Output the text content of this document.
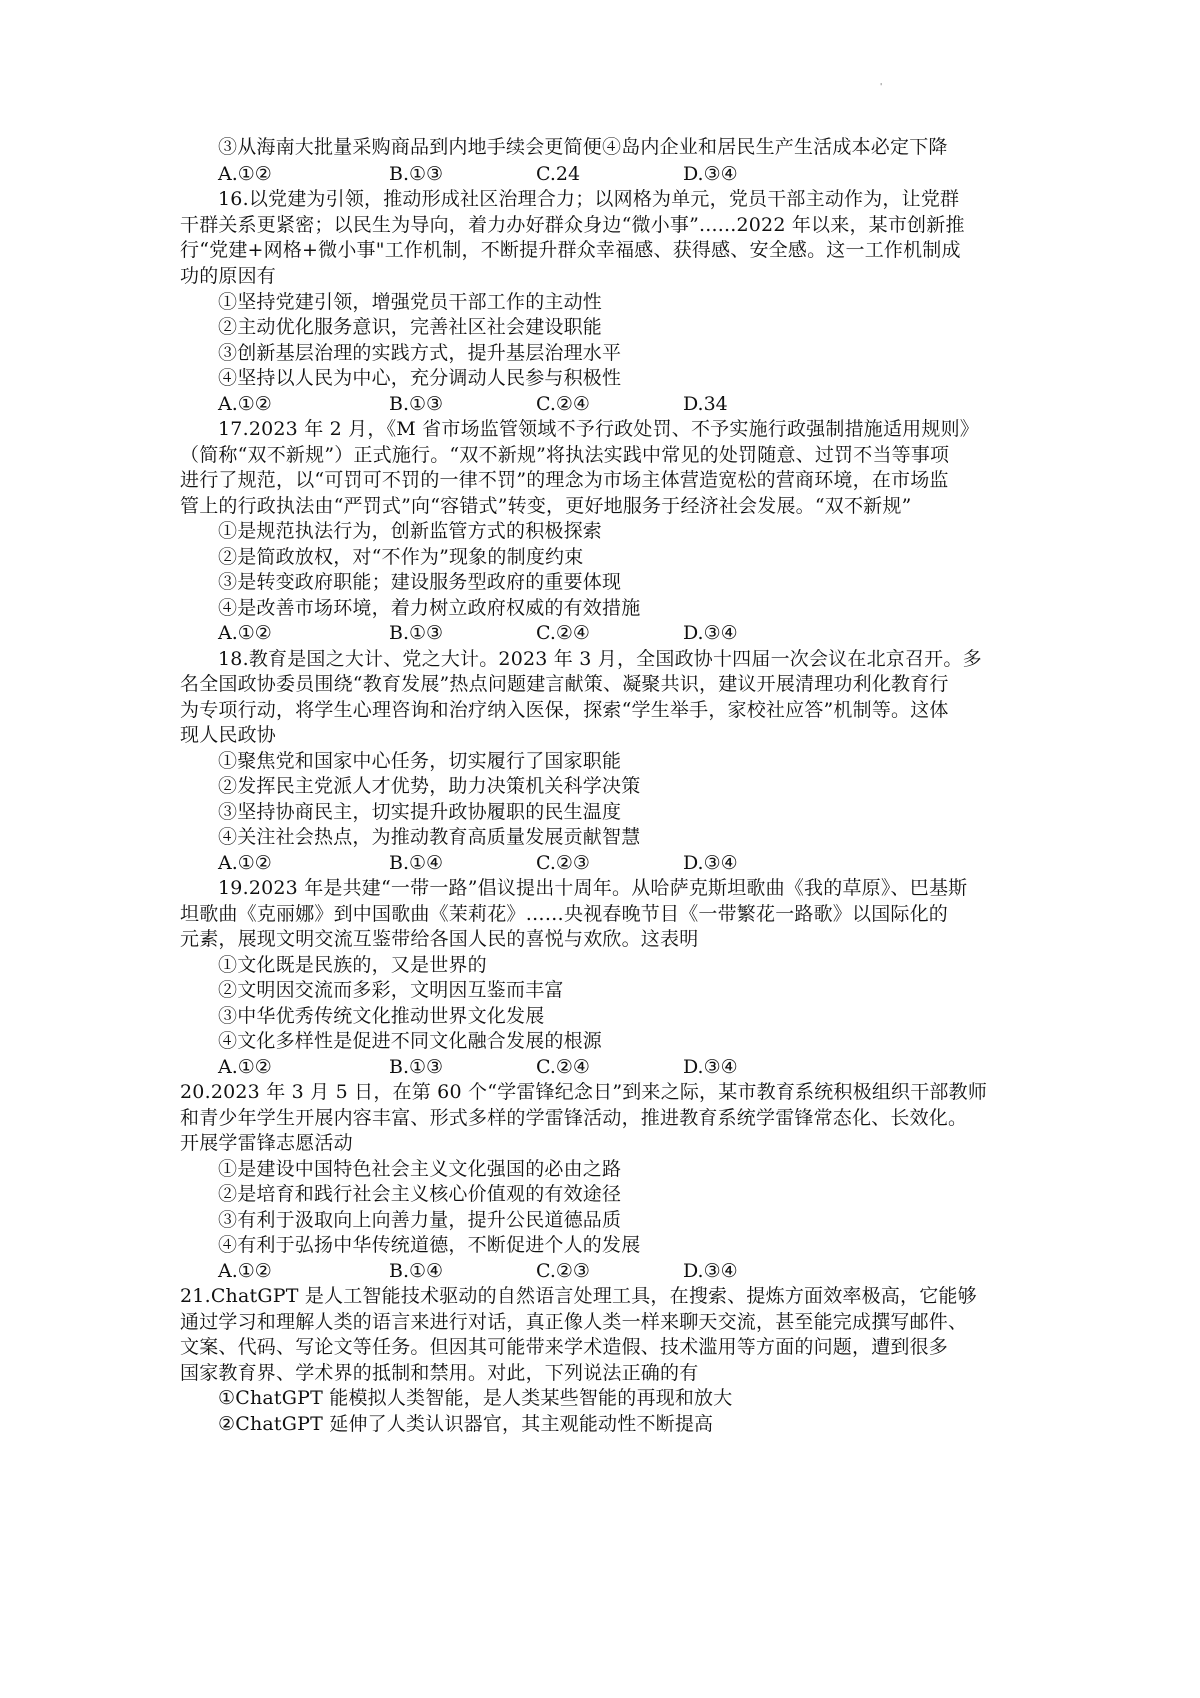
'
③从海南大批量采购商品到内地手续会更简便④岛内企业和居民生产生活成本必定下降
A.①②	B.①③	C.24	D.③④
16.以党建为引领，推动形成社区治理合力；以网格为单元，党员干部主动作为，让党群
干群关系更紧密；以民生为导向，着力办好群众身边“微小事”......2022 年以来，某市创新推
行“党建+网格+微小事"工作机制，不断提升群众幸福感、获得感、安全感。这一工作机制成
功的原因有
①坚持党建引领，增强党员干部工作的主动性
②主动优化服务意识，完善社区社会建设职能
③创新基层治理的实践方式，提升基层治理水平
④坚持以人民为中心，充分调动人民参与积极性
A.①②	B.①③	C.②④	D.34
17.2023 年 2 月，《M 省市场监管领域不予行政处罚、不予实施行政强制措施适用规则》
（简称“双不新规”）正式施行。“双不新规”将执法实践中常见的处罚随意、过罚不当等事项
进行了规范，以“可罚可不罚的一律不罚”的理念为市场主体营造宽松的营商环境，在市场监
管上的行政执法由“严罚式”向“容错式”转变，更好地服务于经济社会发展。“双不新规”
①是规范执法行为，创新监管方式的积极探索
②是简政放权，对“不作为”现象的制度约束
③是转变政府职能；建设服务型政府的重要体现
④是改善市场环境，着力树立政府权威的有效措施
A.①②	B.①③	C.②④	D.③④
18.教育是国之大计、党之大计。2023 年 3 月，全国政协十四届一次会议在北京召开。多
名全国政协委员围绕“教育发展”热点问题建言献策、凝聚共识，建议开展清理功利化教育行
为专项行动，将学生心理咨询和治疗纳入医保，探索“学生举手，家校社应答”机制等。这体
现人民政协
①聚焦党和国家中心任务，切实履行了国家职能
②发挥民主党派人才优势，助力决策机关科学决策
③坚持协商民主，切实提升政协履职的民生温度
④关注社会热点，为推动教育高质量发展贡献智慧
A.①②	B.①④	C.②③	D.③④
19.2023 年是共建“一带一路”倡议提出十周年。从哈萨克斯坦歌曲《我的草原》、巴基斯
坦歌曲《克丽娜》到中国歌曲《茉莉花》……央视春晚节目《一带繁花一路歌》以国际化的
元素，展现文明交流互鉴带给各国人民的喜悦与欢欣。这表明
①文化既是民族的，又是世界的
②文明因交流而多彩，文明因互鉴而丰富
③中华优秀传统文化推动世界文化发展
④文化多样性是促进不同文化融合发展的根源
A.①②	B.①③	C.②④	D.③④
20.2023 年 3 月 5 日，在第 60 个“学雷锋纪念日”到来之际，某市教育系统积极组织干部教师
和青少年学生开展内容丰富、形式多样的学雷锋活动，推进教育系统学雷锋常态化、长效化。
开展学雷锋志愿活动
①是建设中国特色社会主义文化强国的必由之路
②是培育和践行社会主义核心价值观的有效途径
③有利于汲取向上向善力量，提升公民道德品质
④有利于弘扬中华传统道德，不断促进个人的发展
A.①②	B.①④	C.②③	D.③④
21.ChatGPT 是人工智能技术驱动的自然语言处理工具，在搜索、提炼方面效率极高，它能够
通过学习和理解人类的语言来进行对话，真正像人类一样来聊天交流，甚至能完成撰写邮件、
文案、代码、写论文等任务。但因其可能带来学术造假、技术滥用等方面的问题，遭到很多
国家教育界、学术界的抵制和禁用。对此，下列说法正确的有
①ChatGPT 能模拟人类智能，是人类某些智能的再现和放大
②ChatGPT 延伸了人类认识器官，其主观能动性不断提高
